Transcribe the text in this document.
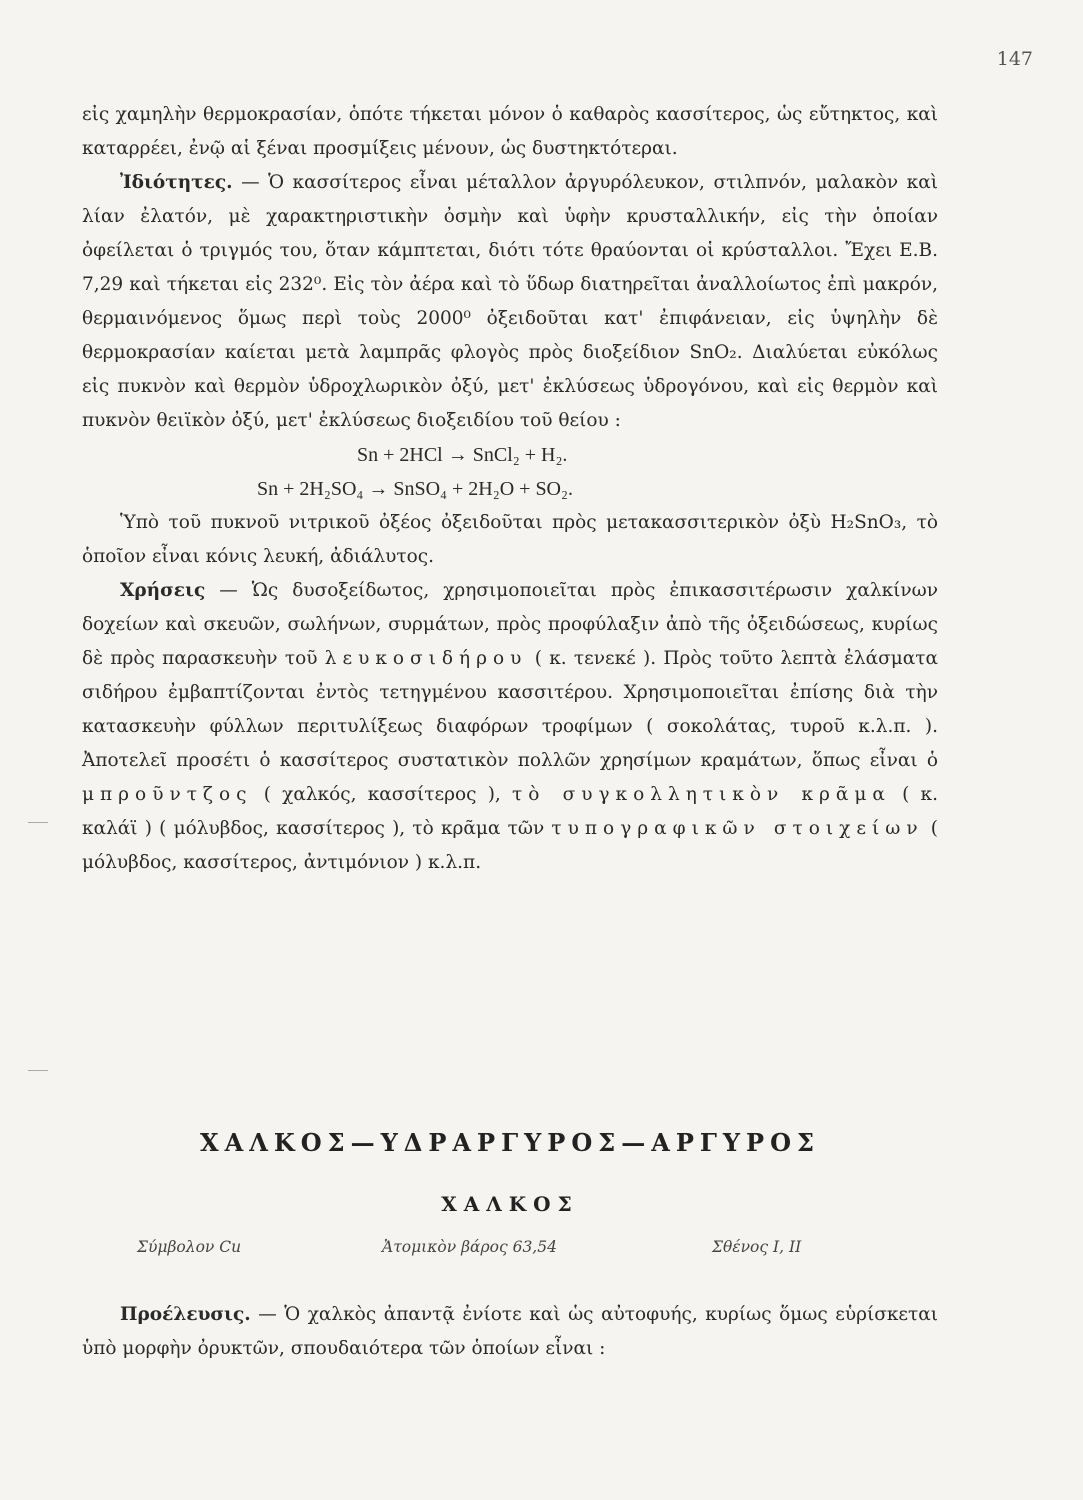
147

εἰς χαμηλὴν θερμοκρασίαν, ὁπότε τήκεται μόνον ὁ καθαρὸς κασσίτερος, ὡς εὔτηκτος, καὶ καταρρέει, ἐνῷ αἱ ξέναι προσμίξεις μένουν, ὡς δυστηκτότεραι.

Ἰδιότητες. — Ὁ κασσίτερος εἶναι μέταλλον ἀργυρόλευκον, στιλπνόν, μαλακὸν καὶ λίαν ἐλατόν, μὲ χαρακτηριστικὴν ὀσμὴν καὶ ὑφὴν κρυσταλλικήν, εἰς τὴν ὁποίαν ὀφείλεται ὁ τριγμός του, ὅταν κάμπτεται, διότι τότε θραύονται οἱ κρύσταλλοι. Ἔχει Ε.Β. 7,29 καὶ τήκεται εἰς 232⁰. Εἰς τὸν ἀέρα καὶ τὸ ὕδωρ διατηρεῖται ἀναλλοίωτος ἐπὶ μακρόν, θερμαινόμενος ὅμως περὶ τοὺς 2000⁰ ὀξειδοῦται κατ' ἐπιφάνειαν, εἰς ὑψηλὴν δὲ θερμοκρασίαν καίεται μετὰ λαμπρᾶς φλογὸς πρὸς διοξείδιον SnO₂. Διαλύεται εὐκόλως εἰς πυκνὸν καὶ θερμὸν ὑδροχλωρικὸν ὀξύ, μετ' ἐκλύσεως ὑδρογόνου, καὶ εἰς θερμὸν καὶ πυκνὸν θειϊκὸν ὀξύ, μετ' ἐκλύσεως διοξειδίου τοῦ θείου :

Sn + 2HCl → SnCl₂ + H₂.

Sn + 2H₂SO₄ → SnSO₄ + 2H₂O + SO₂.

Ὑπὸ τοῦ πυκνοῦ νιτρικοῦ ὀξέος ὀξειδοῦται πρὸς μετακασσιτερικὸν ὀξὺ H₂SnO₃, τὸ ὁποῖον εἶναι κόνις λευκή, ἀδιάλυτος.

Χρήσεις — Ὡς δυσοξείδωτος, χρησιμοποιεῖται πρὸς ἐπικασσιτέρωσιν χαλκίνων δοχείων καὶ σκευῶν, σωλήνων, συρμάτων, πρὸς προφύλαξιν ἀπὸ τῆς ὀξειδώσεως, κυρίως δὲ πρὸς παρασκευὴν τοῦ λευκοσιδήρου ( κ. τενεκέ ). Πρὸς τοῦτο λεπτὰ ἐλάσματα σιδήρου ἐμβαπτίζονται ἐντὸς τετηγμένου κασσιτέρου. Χρησιμοποιεῖται ἐπίσης διὰ τὴν κατασκευὴν φύλλων περιτυλίξεως διαφόρων τροφίμων ( σοκολάτας, τυροῦ κ.λ.π. ). Ἀποτελεῖ προσέτι ὁ κασσίτερος συστατικὸν πολλῶν χρησίμων κραμάτων, ὅπως εἶναι ὁ μπροῦντζος ( χαλκός, κασσίτερος ), τὸ συγκολλητικὸν κρᾶμα ( κ. καλάϊ ) ( μόλυβδος, κασσίτερος ), τὸ κρᾶμα τῶν τυπογραφικῶν στοιχείων ( μόλυβδος, κασσίτερος, ἀντιμόνιον ) κ.λ.π.

ΧΑΛΚΟΣ—ΥΔΡΑΡΓΥΡΟΣ—ΑΡΓΥΡΟΣ
ΧΑΛΚΟΣ
Σύμβολον Cu	Ἀτομικὸν βάρος 63,54	Σθένος I, II

Προέλευσις. — Ὁ χαλκὸς ἀπαντᾷ ἐνίοτε καὶ ὡς αὐτοφυής, κυρίως ὅμως εὑρίσκεται ὑπὸ μορφὴν ὀρυκτῶν, σπουδαιότερα τῶν ὁποίων εἶναι :
